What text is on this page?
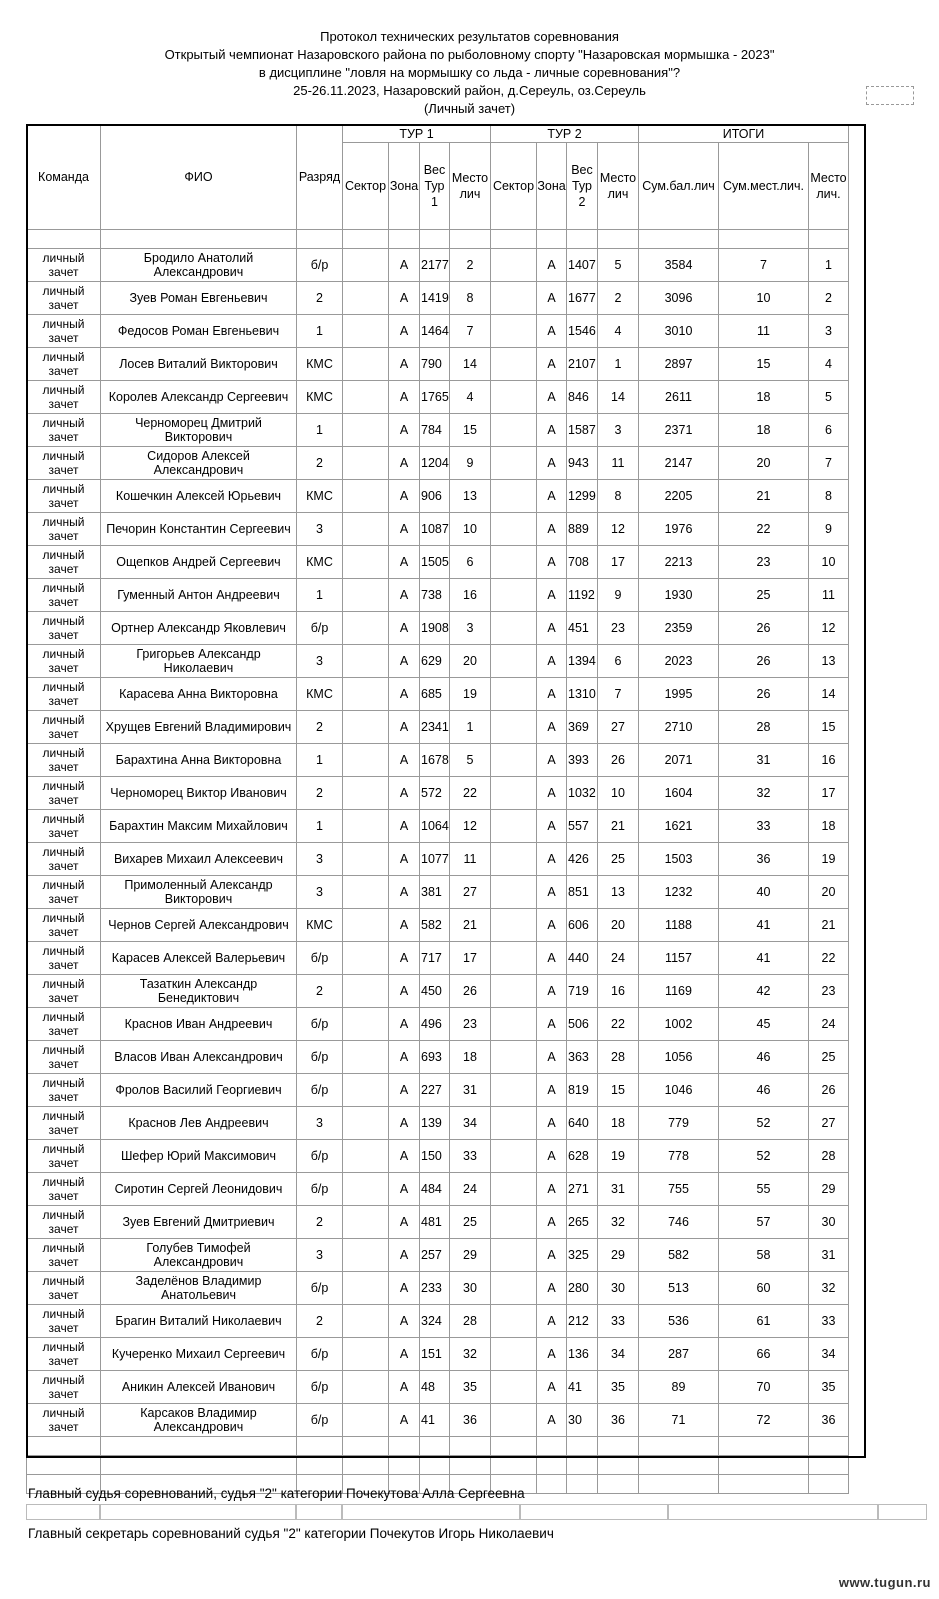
Протокол технических результатов соревнования
Открытый чемпионат Назаровского района по рыболовному спорту "Назаровская мормышка - 2023"
в дисциплине "ловля на мормышку со льда - личные соревнования"?
25-26.11.2023, Назаровский район, д.Сереуль, оз.Сереуль
(Личный зачет)
Команда	ФИО	Разряд	ТУР 1				ТУР 2				ИТОГИ		
			Сектор	Зона	Вес Тур 1	Место лич	Сектор	Зона	Вес Тур 2	Место лич	Сум.бал.лич	Сум.мест.лич.	Место лич.

личный зачет	Бродило Анатолий Александрович	б/р		А	2177	2		А	1407	5	3584	7	1
личный зачет	Зуев Роман Евгеньевич	2		А	1419	8		А	1677	2	3096	10	2
личный зачет	Федосов Роман Евгеньевич	1		А	1464	7		А	1546	4	3010	11	3
личный зачет	Лосев Виталий Викторович	КМС		А	790	14		А	2107	1	2897	15	4
личный зачет	Королев Александр Сергеевич	КМС		А	1765	4		А	846	14	2611	18	5
личный зачет	Черноморец Дмитрий Викторович	1		А	784	15		А	1587	3	2371	18	6
личный зачет	Сидоров Алексей Александрович	2		А	1204	9		А	943	11	2147	20	7
личный зачет	Кошечкин Алексей Юрьевич	КМС		А	906	13		А	1299	8	2205	21	8
личный зачет	Печорин Константин Сергеевич	3		А	1087	10		А	889	12	1976	22	9
личный зачет	Ощепков Андрей Сергеевич	КМС		А	1505	6		А	708	17	2213	23	10
личный зачет	Гуменный Антон Андреевич	1		А	738	16		А	1192	9	1930	25	11
личный зачет	Ортнер Александр Яковлевич	б/р		А	1908	3		А	451	23	2359	26	12
личный зачет	Григорьев Александр Николаевич	3		А	629	20		А	1394	6	2023	26	13
личный зачет	Карасева Анна Викторовна	КМС		А	685	19		А	1310	7	1995	26	14
личный зачет	Хрущев Евгений Владимирович	2		А	2341	1		А	369	27	2710	28	15
личный зачет	Барахтина Анна Викторовна	1		А	1678	5		А	393	26	2071	31	16
личный зачет	Черноморец Виктор Иванович	2		А	572	22		А	1032	10	1604	32	17
личный зачет	Барахтин Максим Михайлович	1		А	1064	12		А	557	21	1621	33	18
личный зачет	Вихарев Михаил Алексеевич	3		А	1077	11		А	426	25	1503	36	19
личный зачет	Примоленный Александр Викторович	3		А	381	27		А	851	13	1232	40	20
личный зачет	Чернов Сергей Александрович	КМС		А	582	21		А	606	20	1188	41	21
личный зачет	Карасев Алексей Валерьевич	б/р		А	717	17		А	440	24	1157	41	22
личный зачет	Тазаткин Александр Бенедиктович	2		А	450	26		А	719	16	1169	42	23
личный зачет	Краснов Иван Андреевич	б/р		А	496	23		А	506	22	1002	45	24
личный зачет	Власов Иван Александрович	б/р		А	693	18		А	363	28	1056	46	25
личный зачет	Фролов Василий Георгиевич	б/р		А	227	31		А	819	15	1046	46	26
личный зачет	Краснов Лев Андреевич	3		А	139	34		А	640	18	779	52	27
личный зачет	Шефер Юрий Максимович	б/р		А	150	33		А	628	19	778	52	28
личный зачет	Сиротин Сергей Леонидович	б/р		А	484	24		А	271	31	755	55	29
личный зачет	Зуев Евгений Дмитриевич	2		А	481	25		А	265	32	746	57	30
личный зачет	Голубев Тимофей Александрович	3		А	257	29		А	325	29	582	58	31
личный зачет	Заделёнов Владимир Анатольевич	б/р		А	233	30		А	280	30	513	60	32
личный зачет	Брагин Виталий Николаевич	2		А	324	28		А	212	33	536	61	33
личный зачет	Кучеренко Михаил Сергеевич	б/р		А	151	32		А	136	34	287	66	34
личный зачет	Аникин Алексей Иванович	б/р		А	48	35		А	41	35	89	70	35
личный зачет	Карсаков Владимир Александрович	б/р		А	41	36		А	30	36	71	72	36

Главный судья соревнований, судья "2" категории Почекутова Алла Сергеевна
Главный секретарь соревнований судья "2" категории Почекутов Игорь Николаевич
www.tugun.ru
